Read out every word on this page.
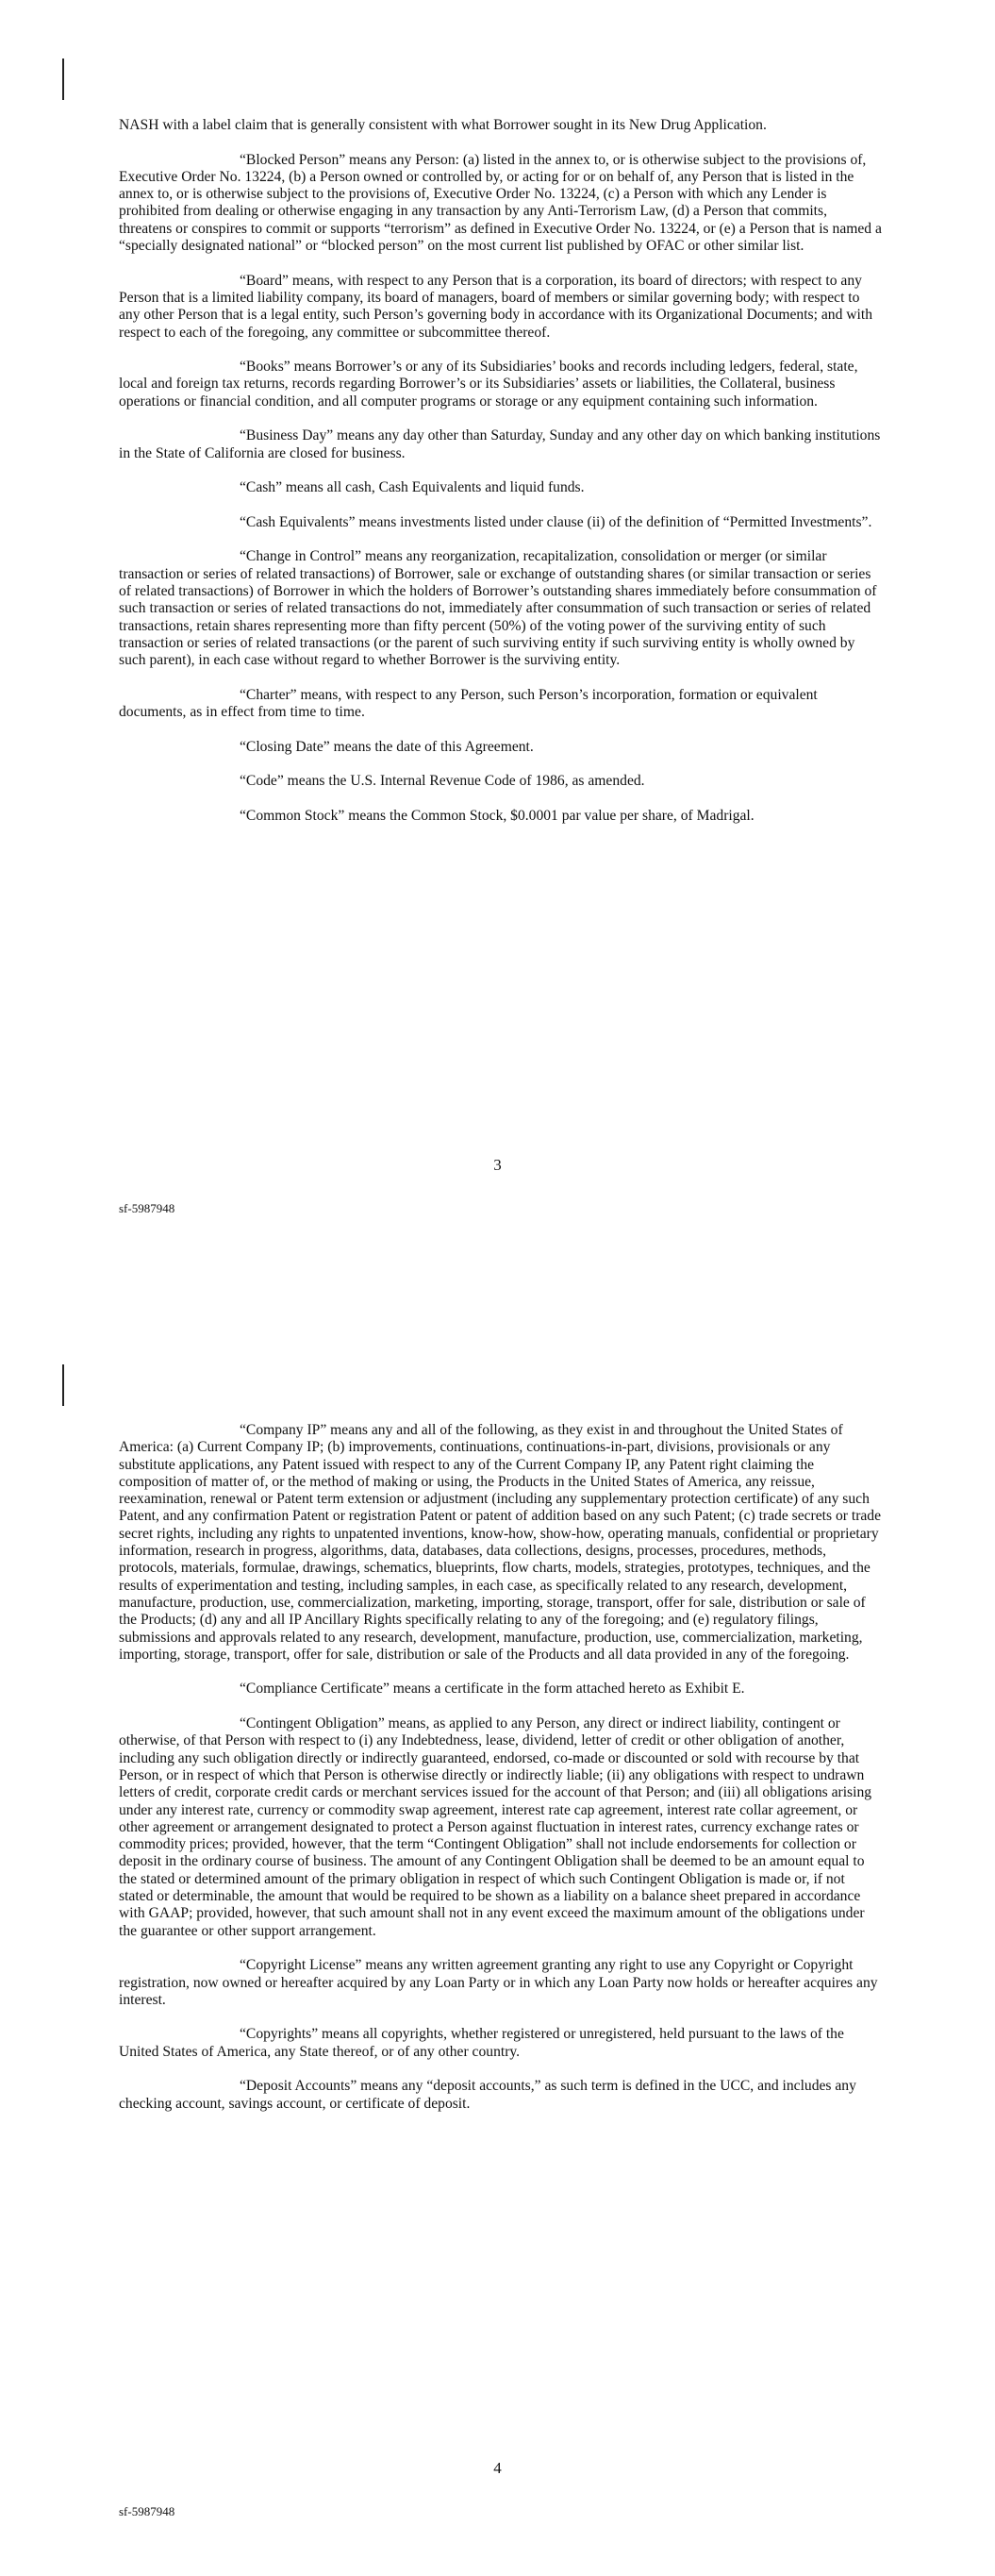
NASH with a label claim that is generally consistent with what Borrower sought in its New Drug Application.

“Blocked Person” means any Person: (a) listed in the annex to, or is otherwise subject to the provisions of, Executive Order No. 13224, (b) a Person owned or controlled by, or acting for or on behalf of, any Person that is listed in the annex to, or is otherwise subject to the provisions of, Executive Order No. 13224, (c) a Person with which any Lender is prohibited from dealing or otherwise engaging in any transaction by any Anti-Terrorism Law, (d) a Person that commits, threatens or conspires to commit or supports “terrorism” as defined in Executive Order No. 13224, or (e) a Person that is named a “specially designated national” or “blocked person” on the most current list published by OFAC or other similar list.

“Board” means, with respect to any Person that is a corporation, its board of directors; with respect to any Person that is a limited liability company, its board of managers, board of members or similar governing body; with respect to any other Person that is a legal entity, such Person’s governing body in accordance with its Organizational Documents; and with respect to each of the foregoing, any committee or subcommittee thereof.

“Books” means Borrower’s or any of its Subsidiaries’ books and records including ledgers, federal, state, local and foreign tax returns, records regarding Borrower’s or its Subsidiaries’ assets or liabilities, the Collateral, business operations or financial condition, and all computer programs or storage or any equipment containing such information.

“Business Day” means any day other than Saturday, Sunday and any other day on which banking institutions in the State of California are closed for business.

“Cash” means all cash, Cash Equivalents and liquid funds.

“Cash Equivalents” means investments listed under clause (ii) of the definition of “Permitted Investments”.

“Change in Control” means any reorganization, recapitalization, consolidation or merger (or similar transaction or series of related transactions) of Borrower, sale or exchange of outstanding shares (or similar transaction or series of related transactions) of Borrower in which the holders of Borrower’s outstanding shares immediately before consummation of such transaction or series of related transactions do not, immediately after consummation of such transaction or series of related transactions, retain shares representing more than fifty percent (50%) of the voting power of the surviving entity of such transaction or series of related transactions (or the parent of such surviving entity if such surviving entity is wholly owned by such parent), in each case without regard to whether Borrower is the surviving entity.

“Charter” means, with respect to any Person, such Person’s incorporation, formation or equivalent documents, as in effect from time to time.

“Closing Date” means the date of this Agreement.

“Code” means the U.S. Internal Revenue Code of 1986, as amended.

“Common Stock” means the Common Stock, $0.0001 par value per share, of Madrigal.

3
sf-5987948

“Company IP” means any and all of the following, as they exist in and throughout the United States of America: (a) Current Company IP; (b) improvements, continuations, continuations-in-part, divisions, provisionals or any substitute applications, any Patent issued with respect to any of the Current Company IP, any Patent right claiming the composition of matter of, or the method of making or using, the Products in the United States of America, any reissue, reexamination, renewal or Patent term extension or adjustment (including any supplementary protection certificate) of any such Patent, and any confirmation Patent or registration Patent or patent of addition based on any such Patent; (c) trade secrets or trade secret rights, including any rights to unpatented inventions, know-how, show-how, operating manuals, confidential or proprietary information, research in progress, algorithms, data, databases, data collections, designs, processes, procedures, methods, protocols, materials, formulae, drawings, schematics, blueprints, flow charts, models, strategies, prototypes, techniques, and the results of experimentation and testing, including samples, in each case, as specifically related to any research, development, manufacture, production, use, commercialization, marketing, importing, storage, transport, offer for sale, distribution or sale of the Products; (d) any and all IP Ancillary Rights specifically relating to any of the foregoing; and (e) regulatory filings, submissions and approvals related to any research, development, manufacture, production, use, commercialization, marketing, importing, storage, transport, offer for sale, distribution or sale of the Products and all data provided in any of the foregoing.

“Compliance Certificate” means a certificate in the form attached hereto as Exhibit E.

“Contingent Obligation” means, as applied to any Person, any direct or indirect liability, contingent or otherwise, of that Person with respect to (i) any Indebtedness, lease, dividend, letter of credit or other obligation of another, including any such obligation directly or indirectly guaranteed, endorsed, co-made or discounted or sold with recourse by that Person, or in respect of which that Person is otherwise directly or indirectly liable; (ii) any obligations with respect to undrawn letters of credit, corporate credit cards or merchant services issued for the account of that Person; and (iii) all obligations arising under any interest rate, currency or commodity swap agreement, interest rate cap agreement, interest rate collar agreement, or other agreement or arrangement designated to protect a Person against fluctuation in interest rates, currency exchange rates or commodity prices; provided, however, that the term “Contingent Obligation” shall not include endorsements for collection or deposit in the ordinary course of business. The amount of any Contingent Obligation shall be deemed to be an amount equal to the stated or determined amount of the primary obligation in respect of which such Contingent Obligation is made or, if not stated or determinable, the amount that would be required to be shown as a liability on a balance sheet prepared in accordance with GAAP; provided, however, that such amount shall not in any event exceed the maximum amount of the obligations under the guarantee or other support arrangement.

“Copyright License” means any written agreement granting any right to use any Copyright or Copyright registration, now owned or hereafter acquired by any Loan Party or in which any Loan Party now holds or hereafter acquires any interest.

“Copyrights” means all copyrights, whether registered or unregistered, held pursuant to the laws of the United States of America, any State thereof, or of any other country.

“Deposit Accounts” means any “deposit accounts,” as such term is defined in the UCC, and includes any checking account, savings account, or certificate of deposit.

4
sf-5987948
